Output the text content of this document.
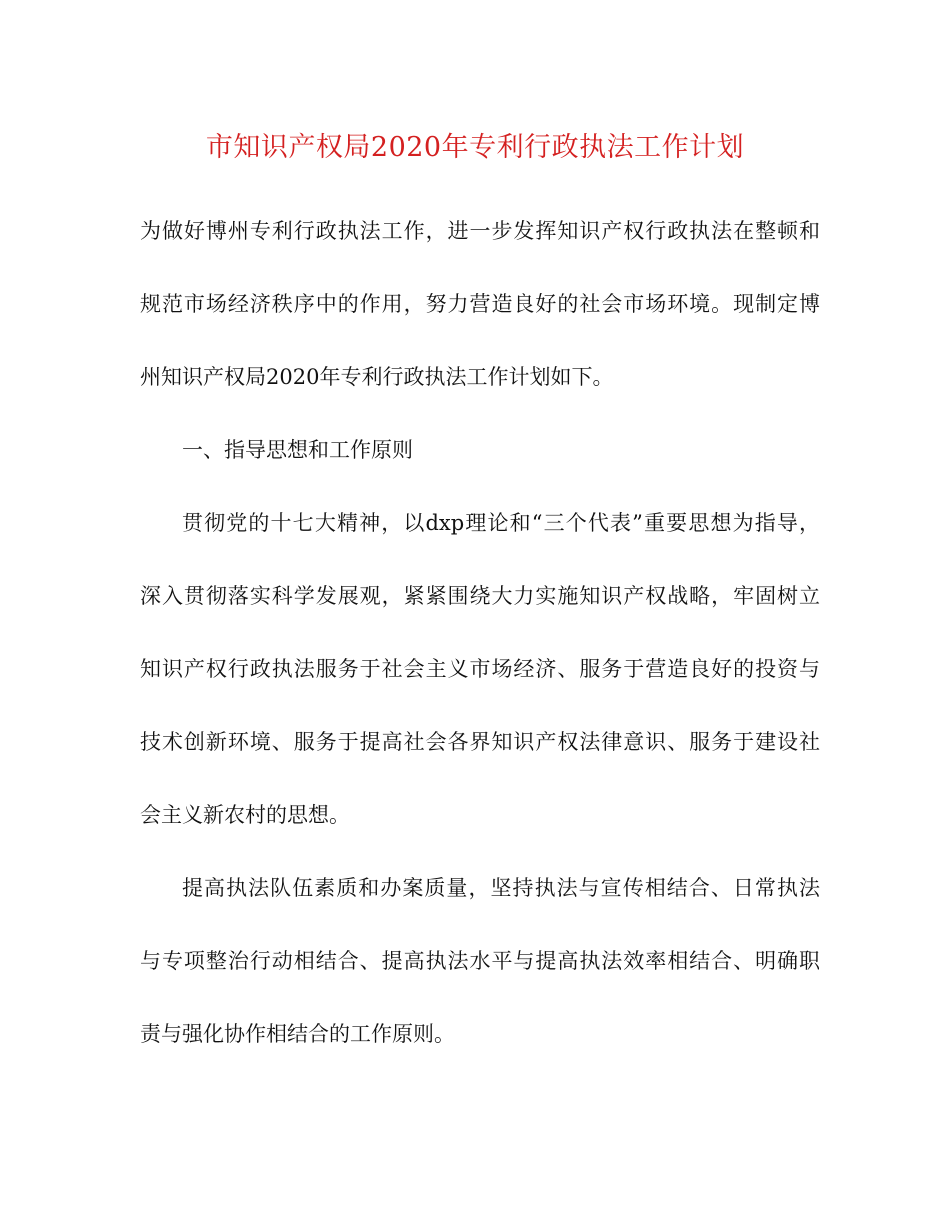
市知识产权局2020年专利行政执法工作计划

为做好博州专利行政执法工作，进一步发挥知识产权行政执法在整顿和

规范市场经济秩序中的作用，努力营造良好的社会市场环境。现制定博

州知识产权局2020年专利行政执法工作计划如下。

一、指导思想和工作原则

贯彻党的十七大精神，以dxp理论和“三个代表”重要思想为指导，

深入贯彻落实科学发展观，紧紧围绕大力实施知识产权战略，牢固树立

知识产权行政执法服务于社会主义市场经济、服务于营造良好的投资与

技术创新环境、服务于提高社会各界知识产权法律意识、服务于建设社

会主义新农村的思想。

提高执法队伍素质和办案质量，坚持执法与宣传相结合、日常执法

与专项整治行动相结合、提高执法水平与提高执法效率相结合、明确职

责与强化协作相结合的工作原则。
